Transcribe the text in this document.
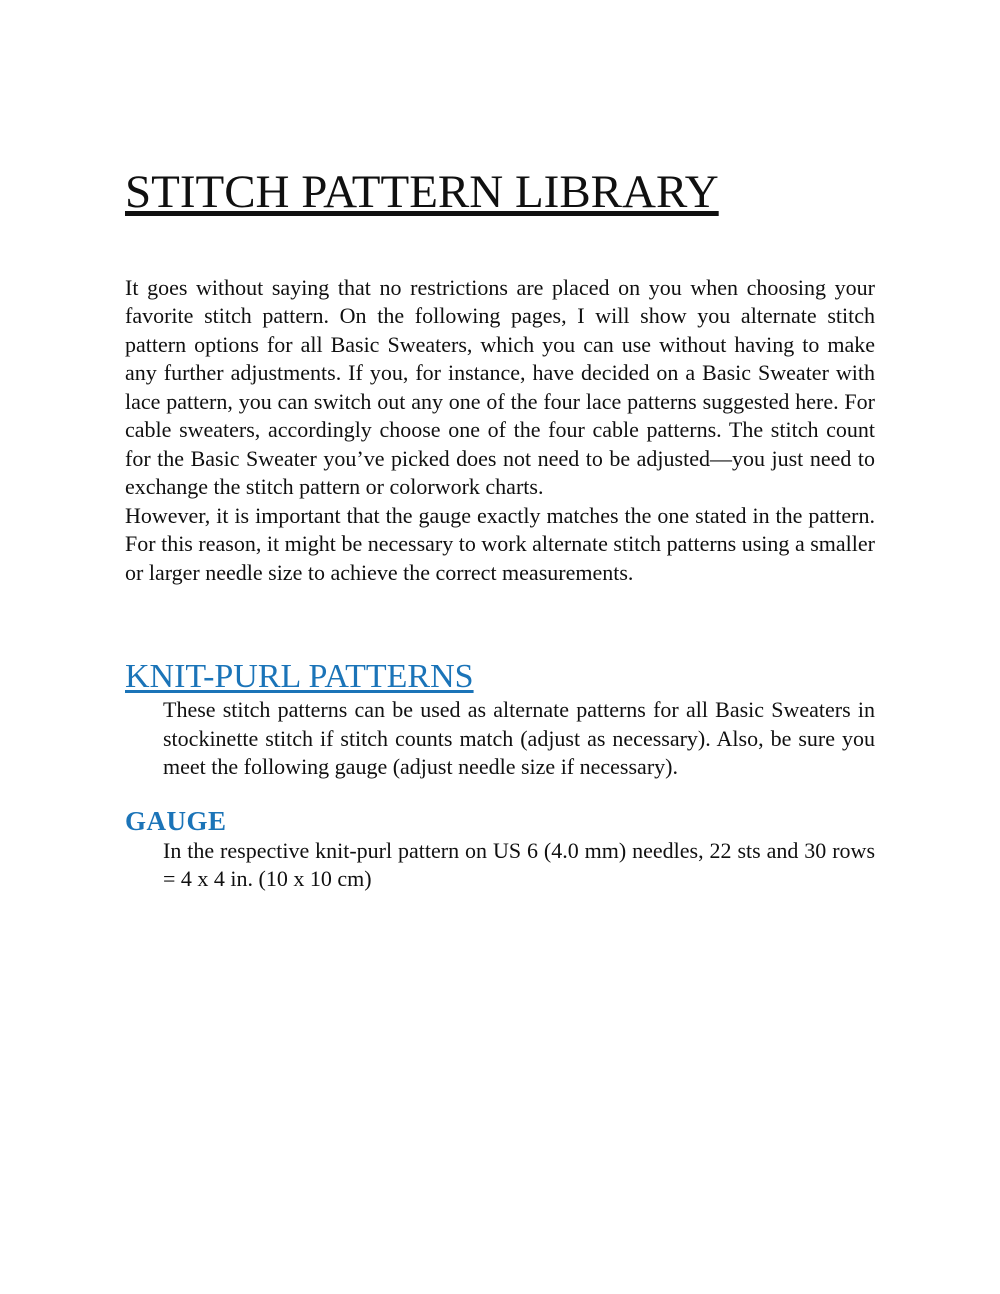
STITCH PATTERN LIBRARY

It goes without saying that no restrictions are placed on you when choosing your favorite stitch pattern. On the following pages, I will show you alternate stitch pattern options for all Basic Sweaters, which you can use without having to make any further adjustments. If you, for instance, have decided on a Basic Sweater with lace pattern, you can switch out any one of the four lace patterns suggested here. For cable sweaters, accordingly choose one of the four cable patterns. The stitch count for the Basic Sweater you’ve picked does not need to be adjusted—you just need to exchange the stitch pattern or colorwork charts.

However, it is important that the gauge exactly matches the one stated in the pattern. For this reason, it might be necessary to work alternate stitch patterns using a smaller or larger needle size to achieve the correct measurements.

KNIT-PURL PATTERNS

These stitch patterns can be used as alternate patterns for all Basic Sweaters in stockinette stitch if stitch counts match (adjust as necessary). Also, be sure you meet the following gauge (adjust needle size if necessary).

GAUGE

In the respective knit-purl pattern on US 6 (4.0 mm) needles, 22 sts and 30 rows = 4 x 4 in. (10 x 10 cm)
